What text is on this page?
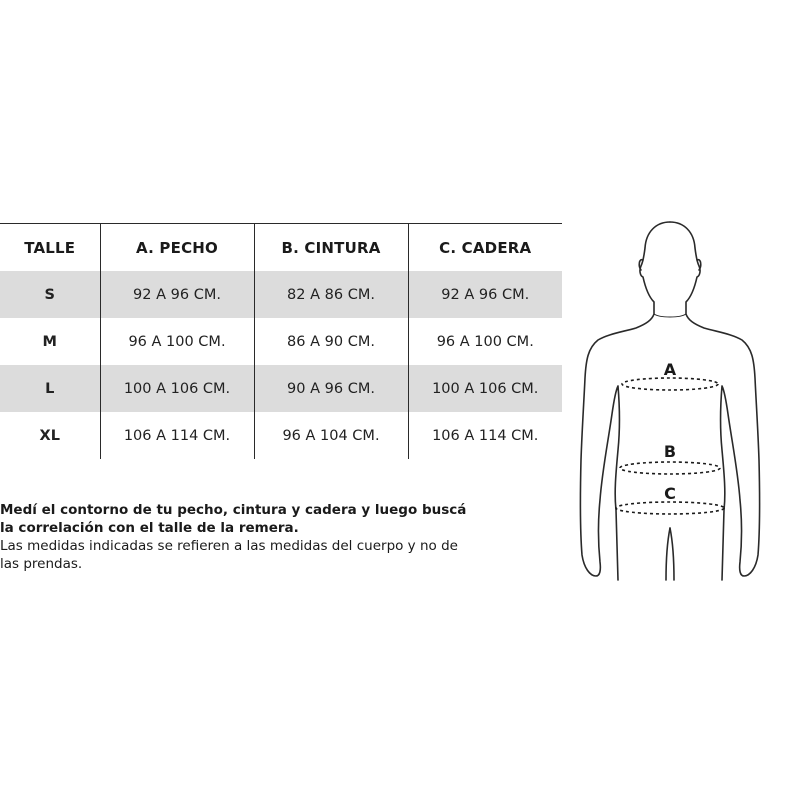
TALLE	A. PECHO	B. CINTURA	C. CADERA
S	92 A 96 CM.	82 A 86 CM.	92 A 96 CM.
M	96 A 100 CM.	86 A 90 CM.	96 A 100 CM.
L	100 A 106 CM.	90 A 96 CM.	100 A 106 CM.
XL	106 A 114 CM.	96 A 104 CM.	106 A 114 CM.
Medí el contorno de tu pecho, cintura y cadera y luego buscá la correlación con el talle de la remera.
Las medidas indicadas se refieren a las medidas del cuerpo y no de las prendas.
A
B
C
